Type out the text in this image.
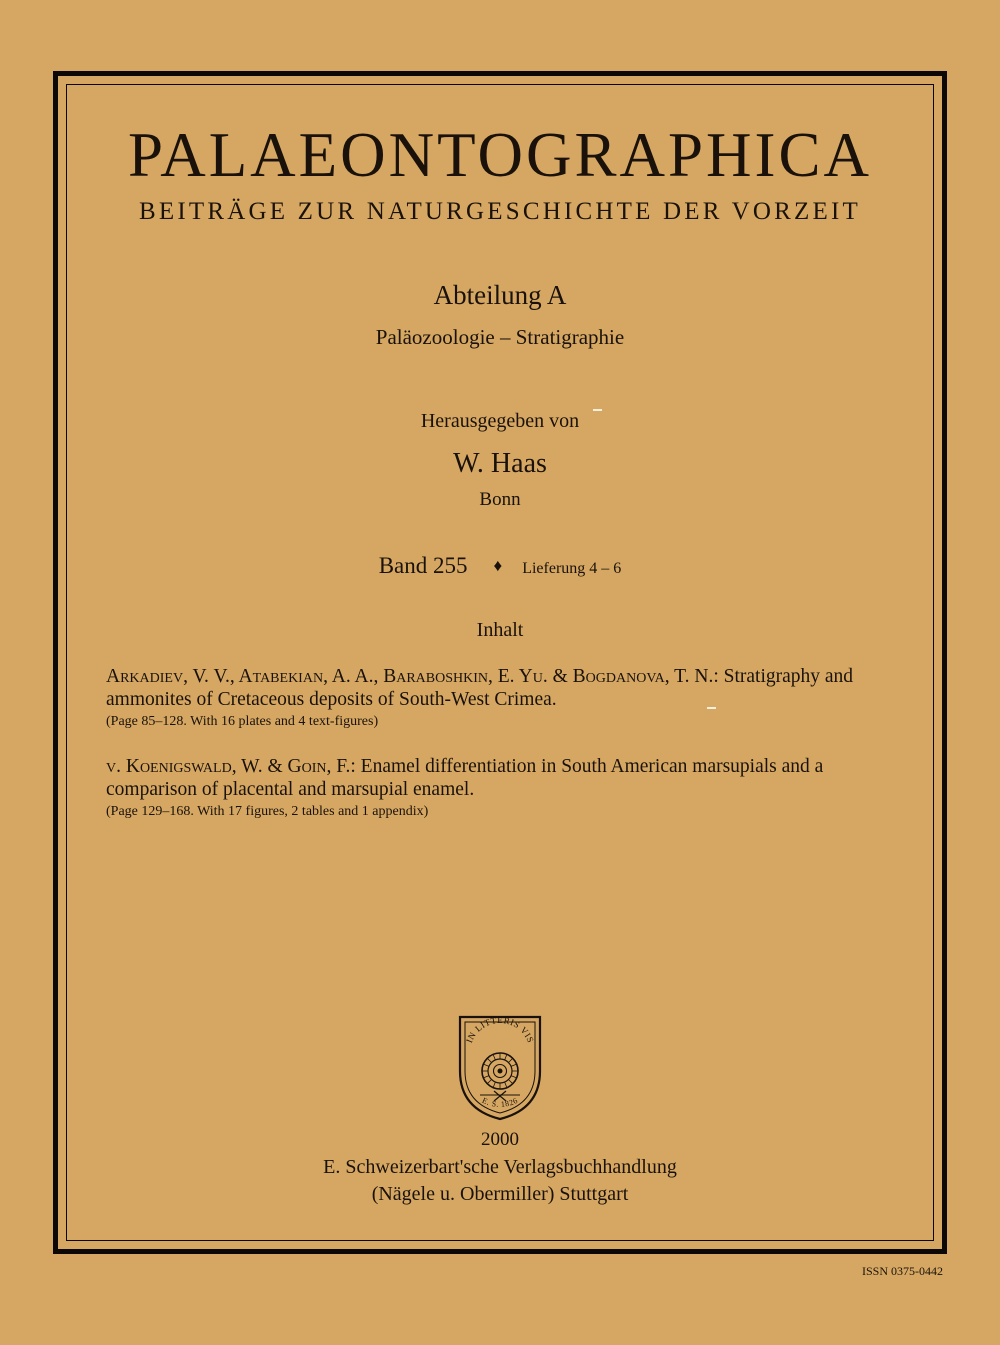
PALAEONTOGRAPHICA
BEITRÄGE ZUR NATURGESCHICHTE DER VORZEIT
Abteilung A
Paläozoologie – Stratigraphie
Herausgegeben von
W. Haas
Bonn
Band 255 ♦ Lieferung 4 – 6
Inhalt
Arkadiev, V. V., Atabekian, A. A., Baraboshkin, E. Yu. & Bogdanova, T. N.: Stratigraphy and ammonites of Cretaceous deposits of South-West Crimea.
(Page 85–128. With 16 plates and 4 text-figures)
v. Koenigswald, W. & Goin, F.: Enamel differentiation in South American marsupials and a comparison of placental and marsupial enamel.
(Page 129–168. With 17 figures, 2 tables and 1 appendix)
IN LITTERIS VIS
E. S. 1826
2000
E. Schweizerbart'sche Verlagsbuchhandlung
(Nägele u. Obermiller) Stuttgart
ISSN 0375-0442
